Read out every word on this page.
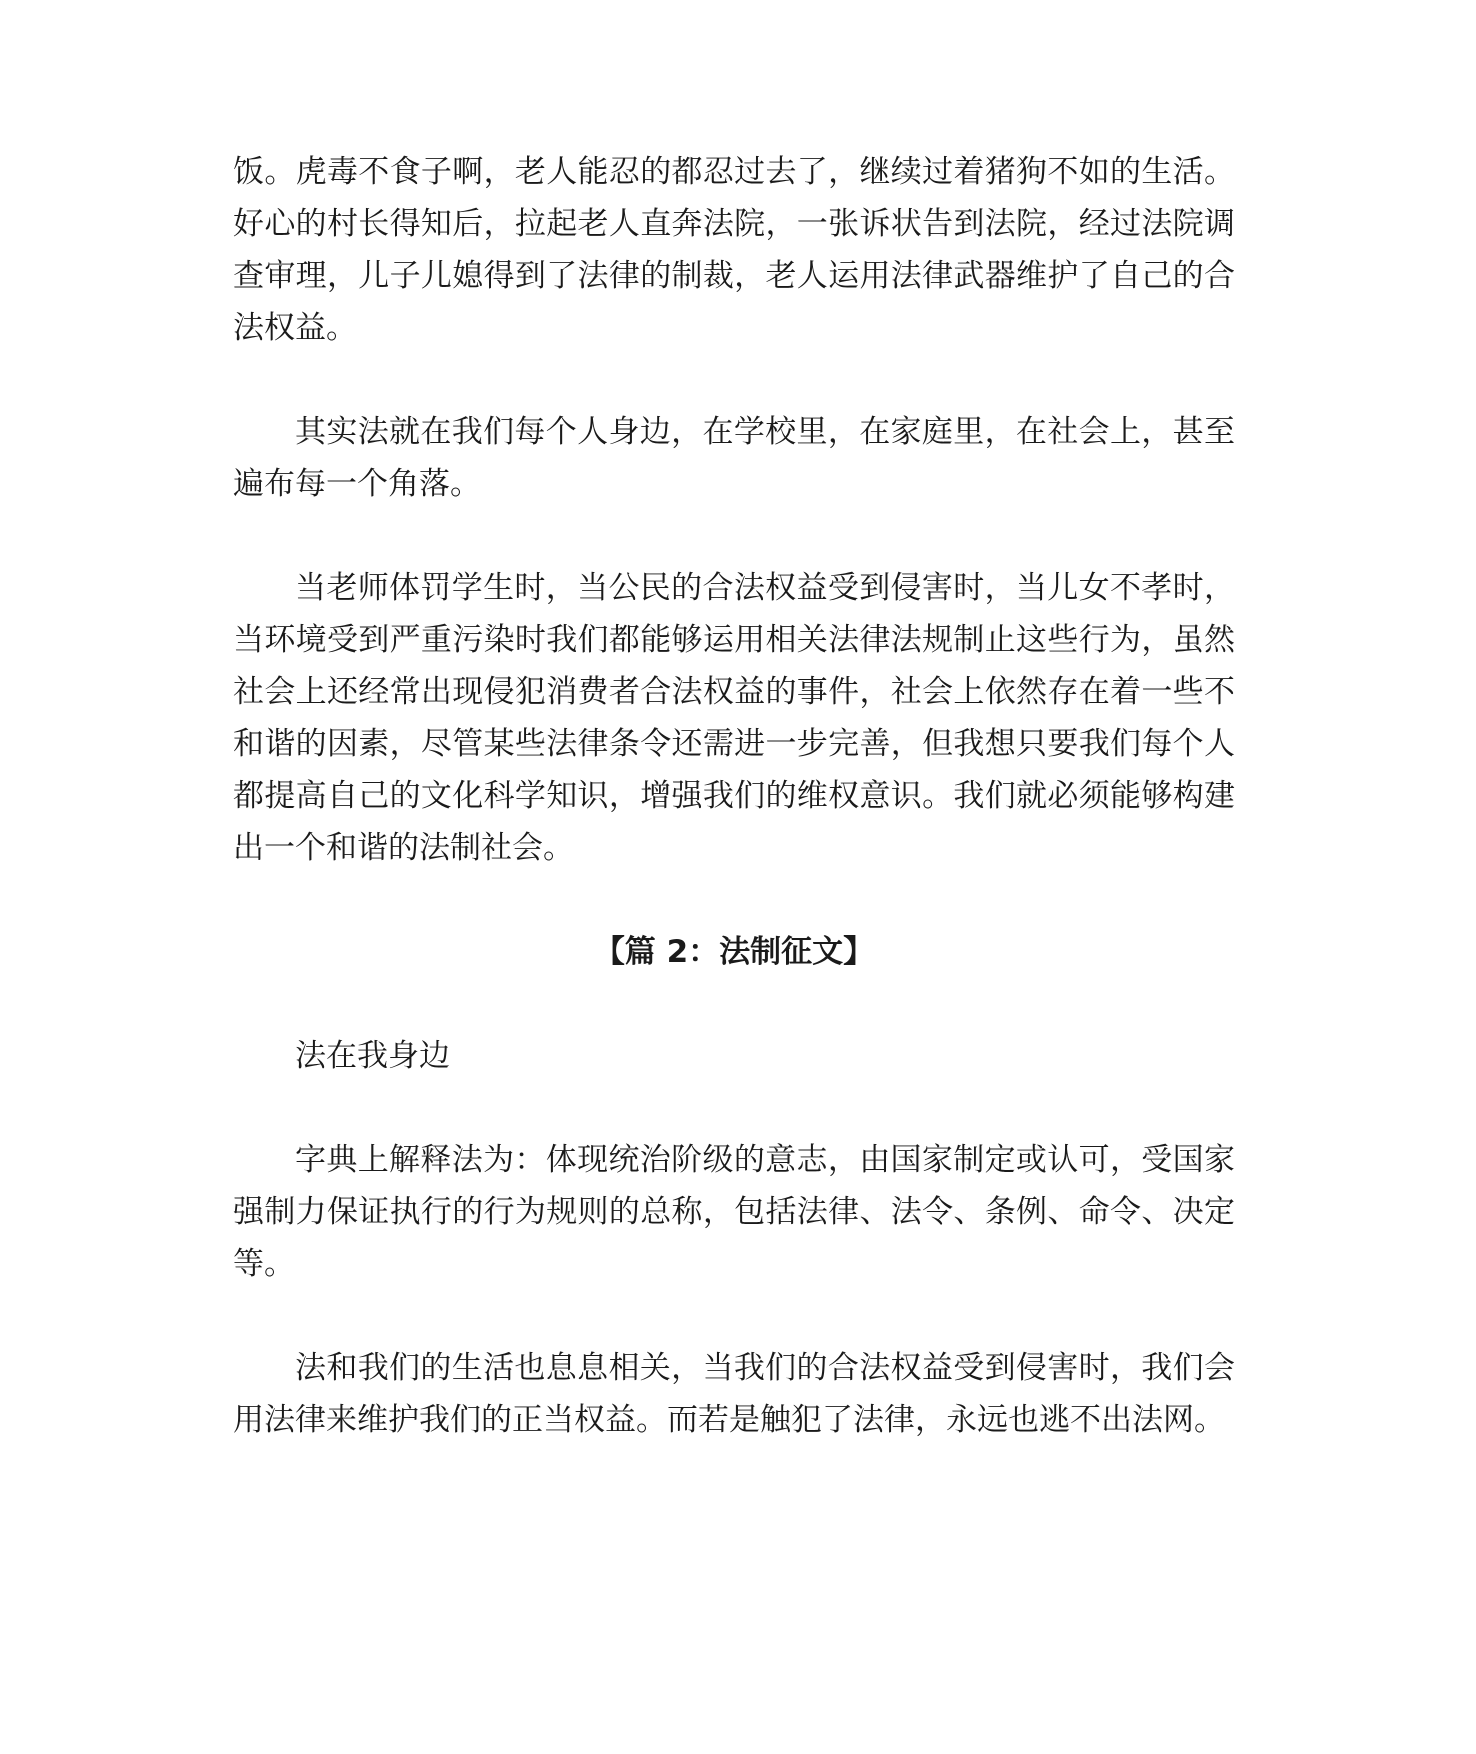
饭。虎毒不食子啊，老人能忍的都忍过去了，继续过着猪狗不如的生活。好心的村长得知后，拉起老人直奔法院，一张诉状告到法院，经过法院调查审理，儿子儿媳得到了法律的制裁，老人运用法律武器维护了自己的合法权益。

其实法就在我们每个人身边，在学校里，在家庭里，在社会上，甚至遍布每一个角落。

当老师体罚学生时，当公民的合法权益受到侵害时，当儿女不孝时，当环境受到严重污染时我们都能够运用相关法律法规制止这些行为，虽然社会上还经常出现侵犯消费者合法权益的事件，社会上依然存在着一些不和谐的因素，尽管某些法律条令还需进一步完善，但我想只要我们每个人都提高自己的文化科学知识，增强我们的维权意识。我们就必须能够构建出一个和谐的法制社会。

【篇 2：法制征文】

法在我身边

字典上解释法为：体现统治阶级的意志，由国家制定或认可，受国家强制力保证执行的行为规则的总称，包括法律、法令、条例、命令、决定等。

法和我们的生活也息息相关，当我们的合法权益受到侵害时，我们会用法律来维护我们的正当权益。而若是触犯了法律，永远也逃不出法网。
